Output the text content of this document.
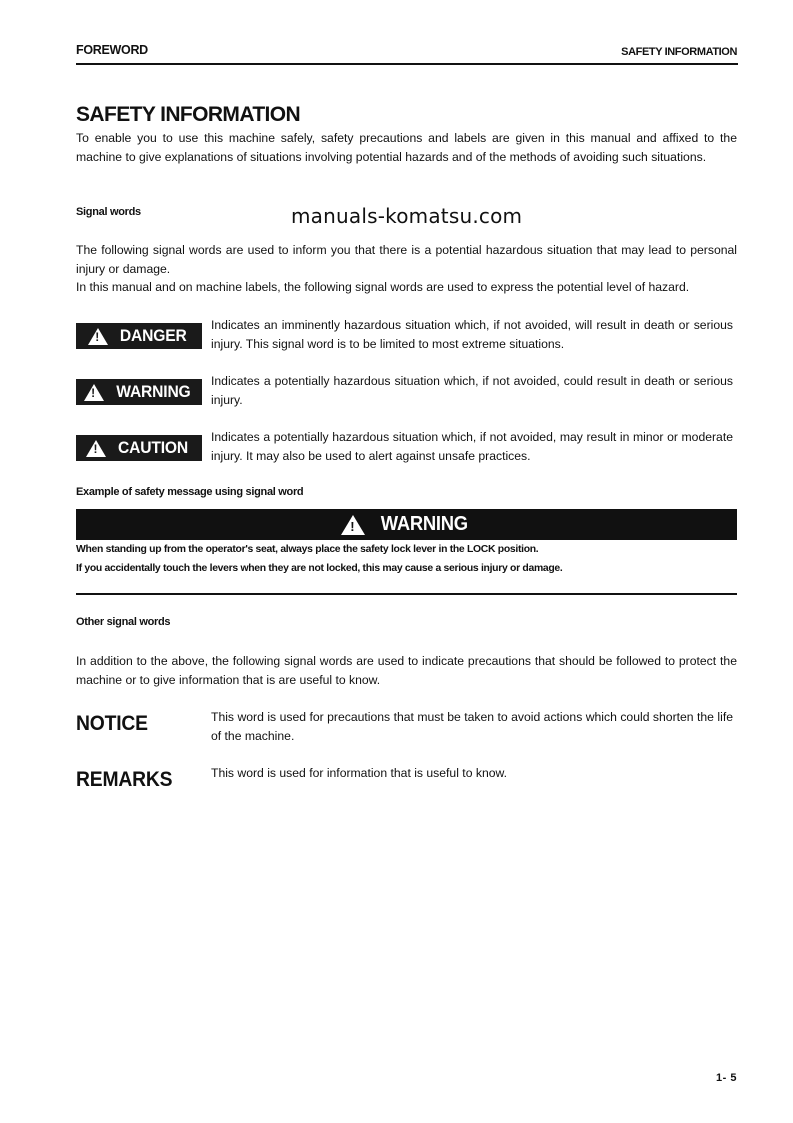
FOREWORD	SAFETY INFORMATION
SAFETY INFORMATION
To enable you to use this machine safely, safety precautions and labels are given in this manual and affixed to the machine to give explanations of situations involving potential hazards and of the methods of avoiding such situations.
Signal words	manuals-komatsu.com
The following signal words are used to inform you that there is a potential hazardous situation that may lead to personal injury or damage.
In this manual and on machine labels, the following signal words are used to express the potential level of hazard.
!
DANGER
Indicates an imminently hazardous situation which, if not avoided, will result in death or serious injury. This signal word is to be limited to most extreme situations.
!
WARNING
Indicates a potentially hazardous situation which, if not avoided, could result in death or serious injury.
!
CAUTION
Indicates a potentially hazardous situation which, if not avoided, may result in minor or moderate injury. It may also be used to alert against unsafe practices.
Example of safety message using signal word
!
WARNING
When standing up from the operator's seat, always place the safety lock lever in the LOCK position.
If you accidentally touch the levers when they are not locked, this may cause a serious injury or damage.
Other signal words
In addition to the above, the following signal words are used to indicate precautions that should be followed to protect the machine or to give information that is are useful to know.
NOTICE	This word is used for precautions that must be taken to avoid actions which could shorten the life of the machine.
REMARKS	This word is used for information that is useful to know.
1- 5
